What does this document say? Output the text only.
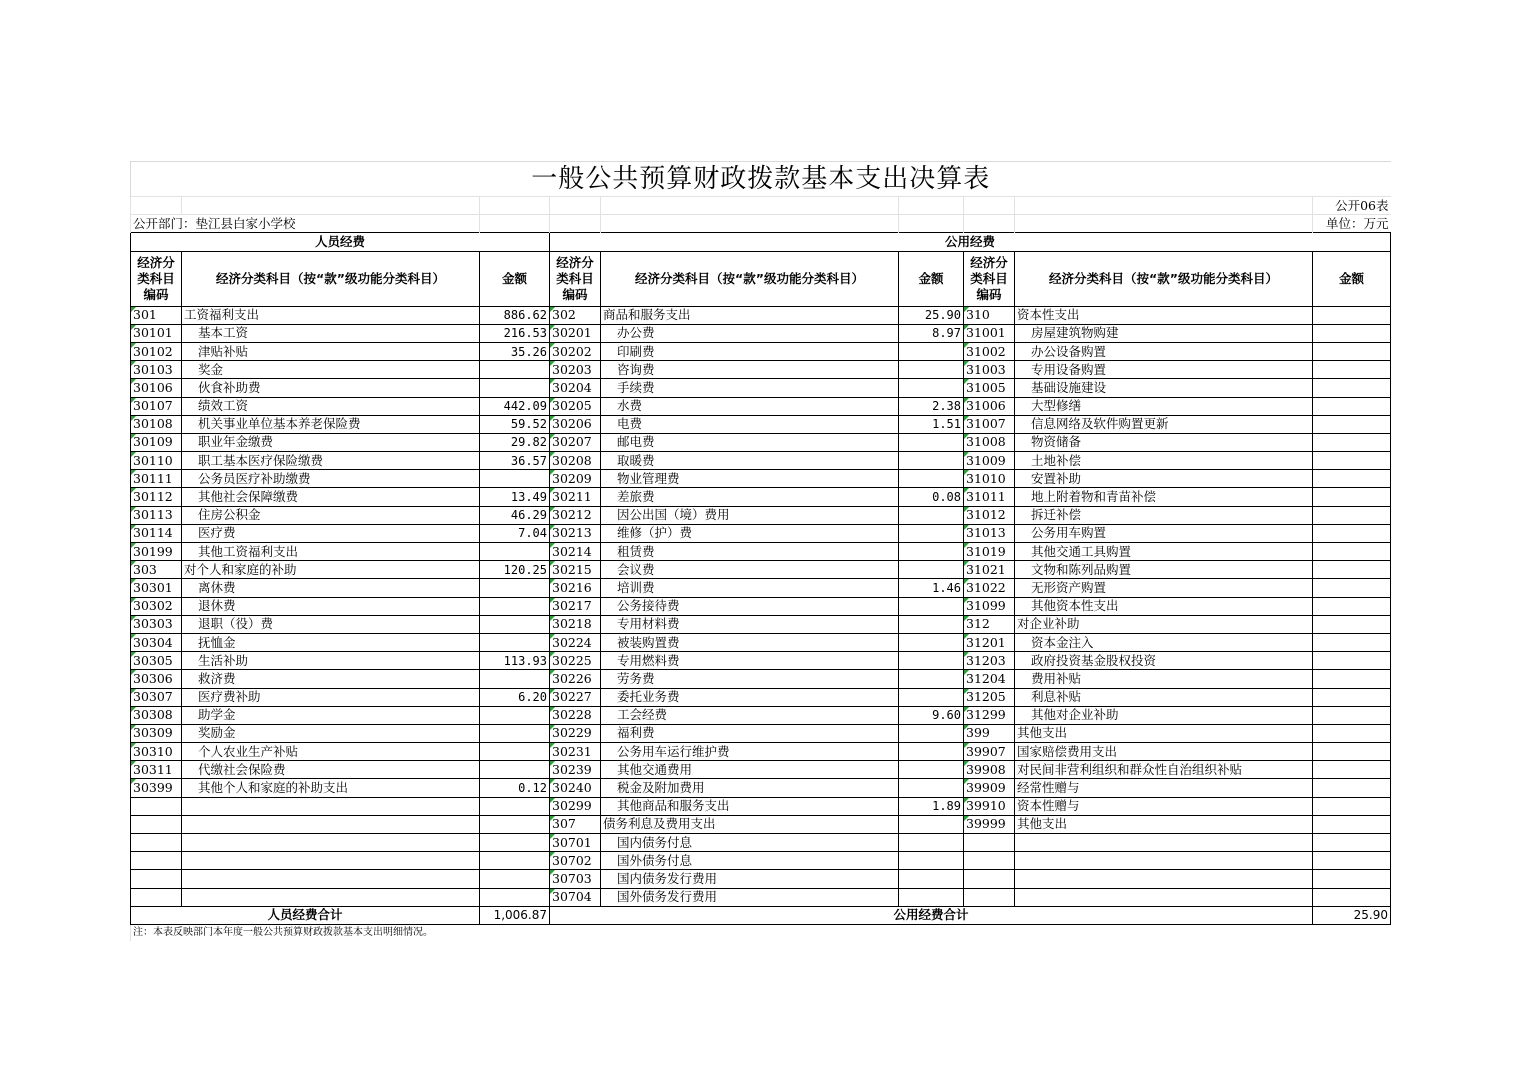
一般公共预算财政拨款基本支出决算表								
								公开06表
公开部门：垫江县白家小学校								单位：万元
人员经费			公用经费					
经济分类科目编码	经济分类科目（按“款”级功能分类科目）	金额	经济分类科目编码	经济分类科目（按“款”级功能分类科目）	金额	经济分类科目编码	经济分类科目（按“款”级功能分类科目）	金额
301	工资福利支出	886.62	302	商品和服务支出	25.90	310	资本性支出	
30101	基本工资	216.53	30201	办公费	8.97	31001	房屋建筑物购建	
30102	津贴补贴	35.26	30202	印刷费		31002	办公设备购置	
30103	奖金		30203	咨询费		31003	专用设备购置	
30106	伙食补助费		30204	手续费		31005	基础设施建设	
30107	绩效工资	442.09	30205	水费	2.38	31006	大型修缮	
30108	机关事业单位基本养老保险费	59.52	30206	电费	1.51	31007	信息网络及软件购置更新	
30109	职业年金缴费	29.82	30207	邮电费		31008	物资储备	
30110	职工基本医疗保险缴费	36.57	30208	取暖费		31009	土地补偿	
30111	公务员医疗补助缴费		30209	物业管理费		31010	安置补助	
30112	其他社会保障缴费	13.49	30211	差旅费	0.08	31011	地上附着物和青苗补偿	
30113	住房公积金	46.29	30212	因公出国（境）费用		31012	拆迁补偿	
30114	医疗费	7.04	30213	维修（护）费		31013	公务用车购置	
30199	其他工资福利支出		30214	租赁费		31019	其他交通工具购置	
303	对个人和家庭的补助	120.25	30215	会议费		31021	文物和陈列品购置	
30301	离休费		30216	培训费	1.46	31022	无形资产购置	
30302	退休费		30217	公务接待费		31099	其他资本性支出	
30303	退职（役）费		30218	专用材料费		312	对企业补助	
30304	抚恤金		30224	被装购置费		31201	资本金注入	
30305	生活补助	113.93	30225	专用燃料费		31203	政府投资基金股权投资	
30306	救济费		30226	劳务费		31204	费用补贴	
30307	医疗费补助	6.20	30227	委托业务费		31205	利息补贴	
30308	助学金		30228	工会经费	9.60	31299	其他对企业补助	
30309	奖励金		30229	福利费		399	其他支出	
30310	个人农业生产补贴		30231	公务用车运行维护费		39907	国家赔偿费用支出	
30311	代缴社会保险费		30239	其他交通费用		39908	对民间非营利组织和群众性自治组织补贴	
30399	其他个人和家庭的补助支出	0.12	30240	税金及附加费用		39909	经常性赠与	
			30299	其他商品和服务支出	1.89	39910	资本性赠与	
			307	债务利息及费用支出		39999	其他支出	
			30701	国内债务付息				
			30702	国外债务付息				
			30703	国内债务发行费用				
			30704	国外债务发行费用				
人员经费合计		1,006.87	公用经费合计					25.90
注：本表反映部门本年度一般公共预算财政拨款基本支出明细情况。								
